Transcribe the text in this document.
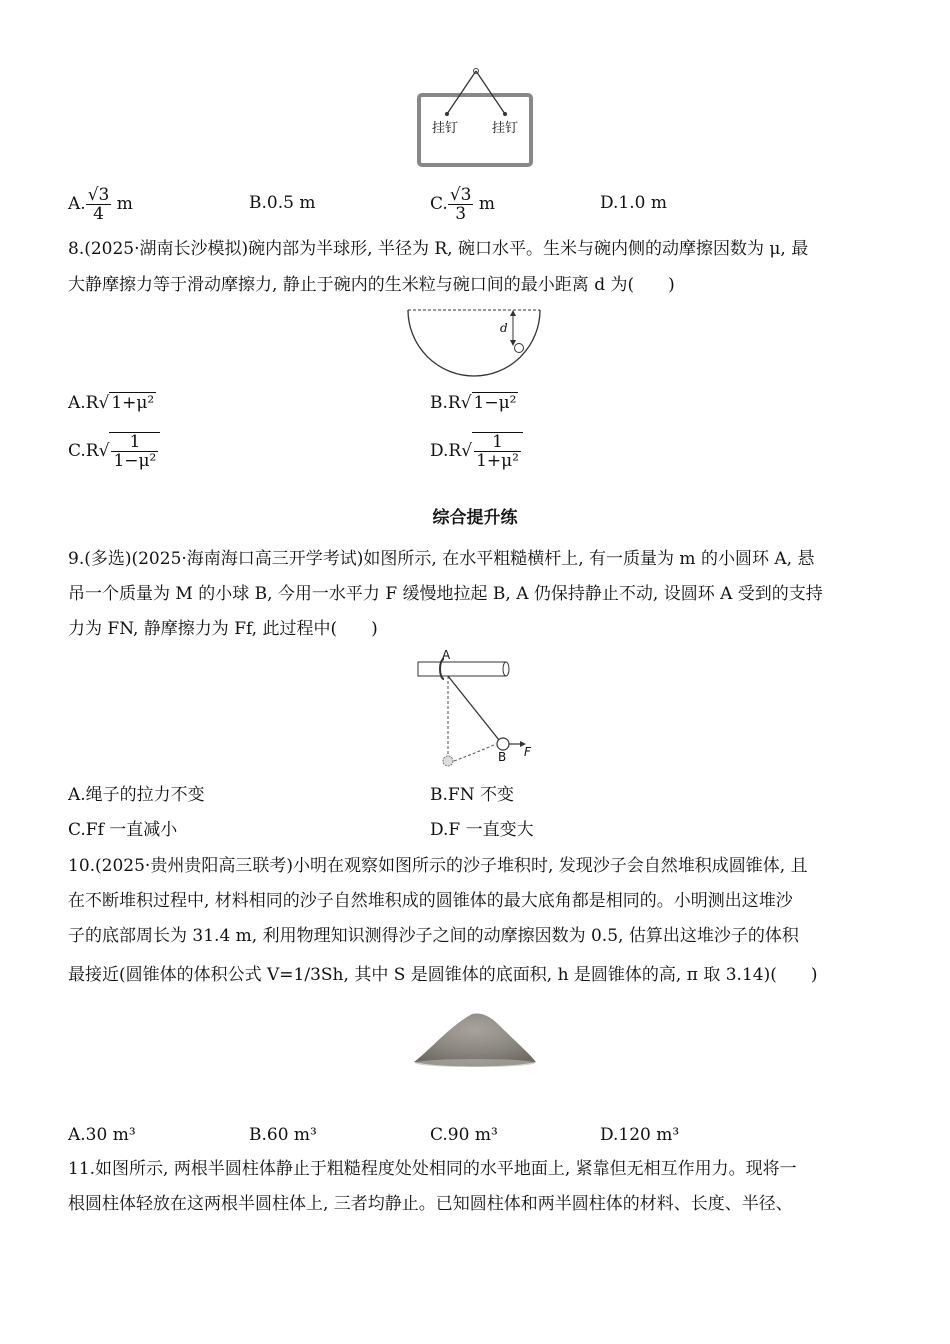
挂钉	挂钉
A. $\frac{√3}{4}$ m	B.0.5 m	C. $\frac{√3}{3}$ m	D.1.0 m
8.(2025·湖南长沙模拟)碗内部为半球形, 半径为 R, 碗口水平。生米与碗内侧的动摩擦因数为 μ, 最
大静摩擦力等于滑动摩擦力, 静止于碗内的生米粒与碗口间的最小距离 d 为(　　)
d
A.R√ 1+μ²	B.R√ 1−μ²
$C.R√ \frac{1}{\text{1−μ²}}$	$D.R√ \frac{1}{\text{1+μ²}}$
综合提升练
9.(多选)(2025·海南海口高三开学考试)如图所示, 在水平粗糙横杆上, 有一质量为 m 的小圆环 A, 悬
吊一个质量为 M 的小球 B, 今用一水平力 F 缓慢地拉起 B, A 仍保持静止不动, 设圆环 A 受到的支持
力为 FN, 静摩擦力为 Ff, 此过程中(　　)
A
B F
A.绳子的拉力不变	B.FN 不变
C.Ff 一直减小	D.F 一直变大
10.(2025·贵州贵阳高三联考)小明在观察如图所示的沙子堆积时, 发现沙子会自然堆积成圆锥体, 且
在不断堆积过程中, 材料相同的沙子自然堆积成的圆锥体的最大底角都是相同的。小明测出这堆沙
子的底部周长为 31.4 m, 利用物理知识测得沙子之间的动摩擦因数为 0.5, 估算出这堆沙子的体积
最接近(圆锥体的体积公式 V=1/3Sh, 其中 S 是圆锥体的底面积, h 是圆锥体的高, π 取 3.14)(　　)
A.30 m³	B.60 m³	C.90 m³	D.120 m³
11.如图所示, 两根半圆柱体静止于粗糙程度处处相同的水平地面上, 紧靠但无相互作用力。现将一
根圆柱体轻放在这两根半圆柱体上, 三者均静止。已知圆柱体和两半圆柱体的材料、长度、半径、
